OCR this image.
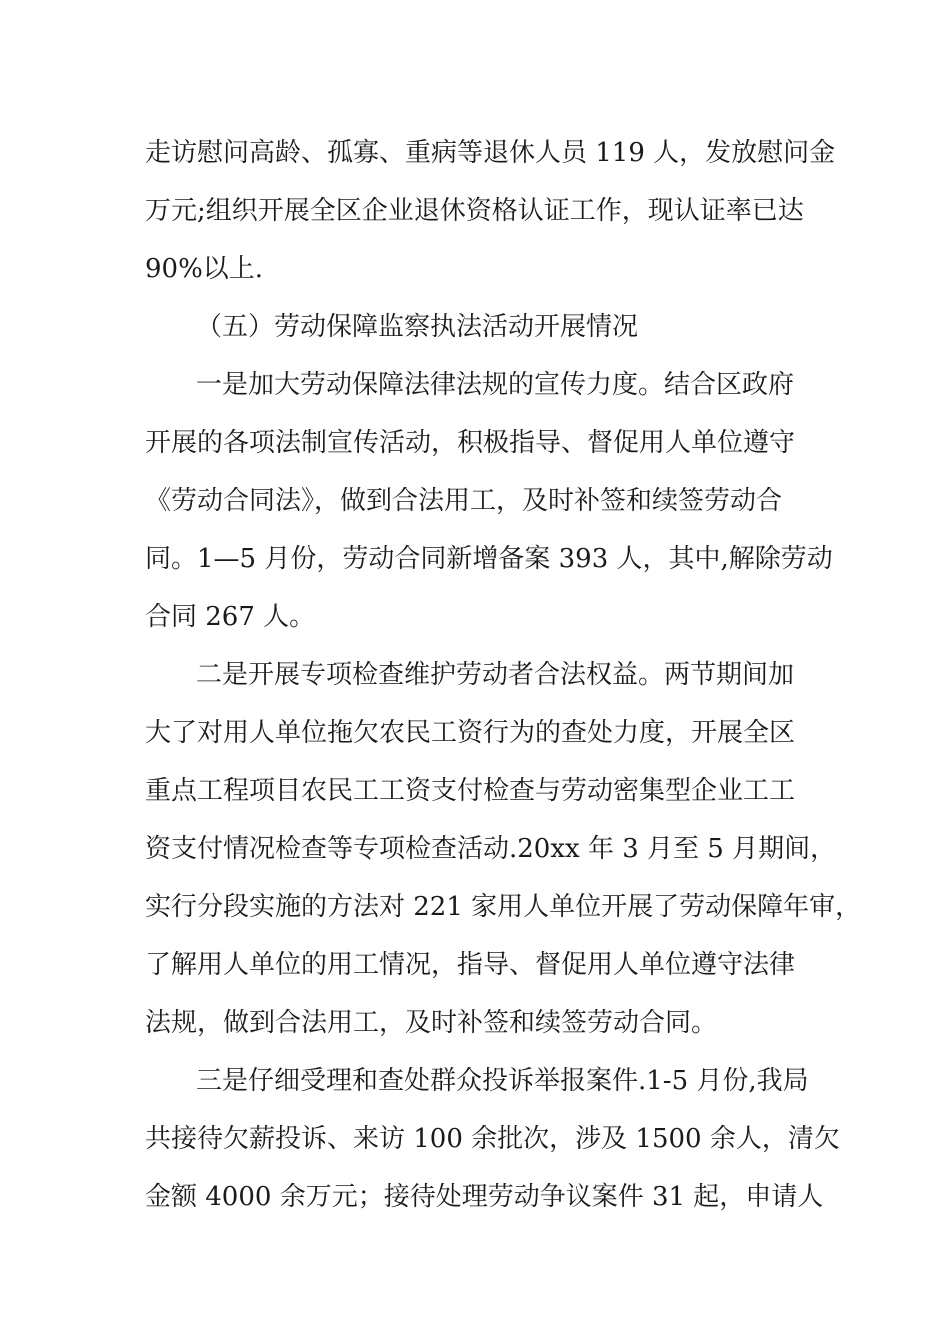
走访慰问高龄、孤寡、重病等退休人员 119 人，发放慰问金
万元;组织开展全区企业退休资格认证工作，现认证率已达
90%以上.
（五）劳动保障监察执法活动开展情况
一是加大劳动保障法律法规的宣传力度。结合区政府
开展的各项法制宣传活动，积极指导、督促用人单位遵守
《劳动合同法》，做到合法用工，及时补签和续签劳动合
同。1—5 月份，劳动合同新增备案 393 人，其中,解除劳动
合同 267 人。
二是开展专项检查维护劳动者合法权益。两节期间加
大了对用人单位拖欠农民工资行为的查处力度，开展全区
重点工程项目农民工工资支付检查与劳动密集型企业工工
资支付情况检查等专项检查活动.20xx 年 3 月至 5 月期间，
实行分段实施的方法对 221 家用人单位开展了劳动保障年审，
了解用人单位的用工情况，指导、督促用人单位遵守法律
法规，做到合法用工，及时补签和续签劳动合同。
三是仔细受理和查处群众投诉举报案件.1-5 月份,我局
共接待欠薪投诉、来访 100 余批次，涉及 1500 余人，清欠
金额 4000 余万元；接待处理劳动争议案件 31 起，申请人
